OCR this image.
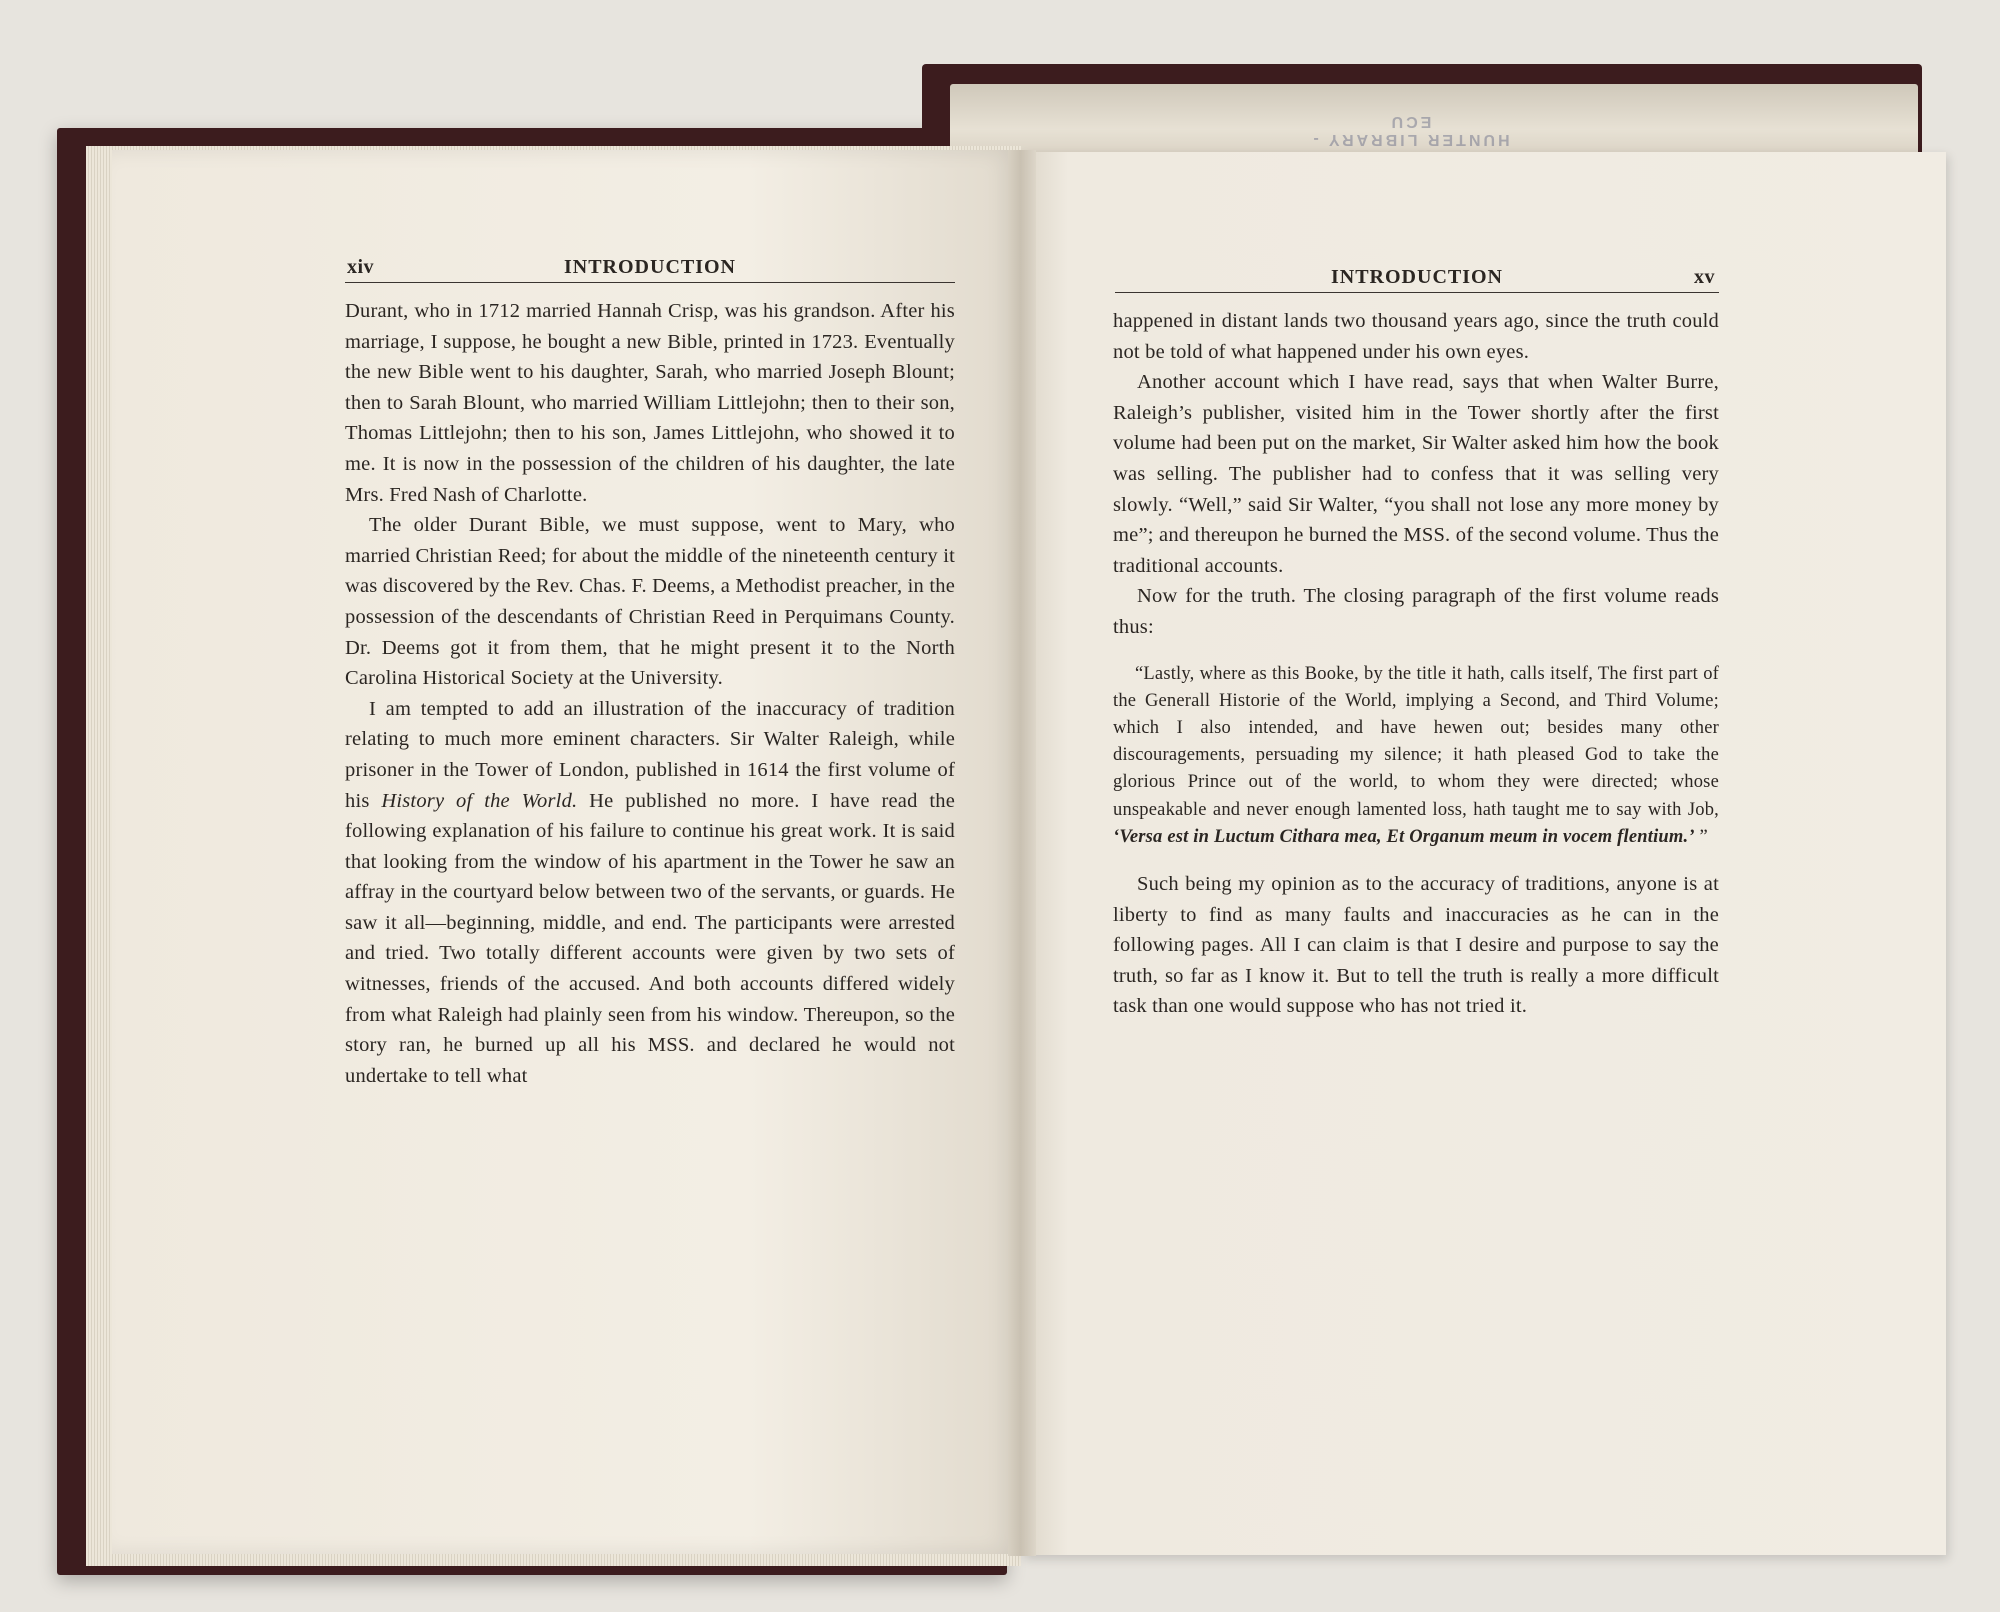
HUNTER LIBRARY - ECU
xiv	INTRODUCTION

Durant, who in 1712 married Hannah Crisp, was his grandson. After his marriage, I suppose, he bought a new Bible, printed in 1723. Eventually the new Bible went to his daughter, Sarah, who married Joseph Blount; then to Sarah Blount, who married William Littlejohn; then to their son, Thomas Littlejohn; then to his son, James Littlejohn, who showed it to me. It is now in the possession of the children of his daughter, the late Mrs. Fred Nash of Charlotte.

The older Durant Bible, we must suppose, went to Mary, who married Christian Reed; for about the middle of the nineteenth century it was discovered by the Rev. Chas. F. Deems, a Methodist preacher, in the possession of the descendants of Christian Reed in Perquimans County. Dr. Deems got it from them, that he might present it to the North Carolina Historical Society at the University.

I am tempted to add an illustration of the inaccuracy of tradition relating to much more eminent characters. Sir Walter Raleigh, while prisoner in the Tower of London, published in 1614 the first volume of his History of the World. He published no more. I have read the following explanation of his failure to continue his great work. It is said that looking from the window of his apartment in the Tower he saw an affray in the courtyard below between two of the servants, or guards. He saw it all—beginning, middle, and end. The participants were arrested and tried. Two totally different accounts were given by two sets of witnesses, friends of the accused. And both accounts differed widely from what Raleigh had plainly seen from his window. Thereupon, so the story ran, he burned up all his MSS. and declared he would not undertake to tell what

INTRODUCTION	xv

happened in distant lands two thousand years ago, since the truth could not be told of what happened under his own eyes.

Another account which I have read, says that when Walter Burre, Raleigh’s publisher, visited him in the Tower shortly after the first volume had been put on the market, Sir Walter asked him how the book was selling. The publisher had to confess that it was selling very slowly. “Well,” said Sir Walter, “you shall not lose any more money by me”; and thereupon he burned the MSS. of the second volume. Thus the traditional accounts.

Now for the truth. The closing paragraph of the first volume reads thus:

“Lastly, where as this Booke, by the title it hath, calls itself, The first part of the Generall Historie of the World, implying a Second, and Third Volume; which I also intended, and have hewen out; besides many other discouragements, persuading my silence; it hath pleased God to take the glorious Prince out of the world, to whom they were directed; whose unspeakable and never enough lamented loss, hath taught me to say with Job, ‘Versa est in Luctum Cithara mea, Et Organum meum in vocem flentium.’ ”

Such being my opinion as to the accuracy of traditions, anyone is at liberty to find as many faults and inaccuracies as he can in the following pages. All I can claim is that I desire and purpose to say the truth, so far as I know it. But to tell the truth is really a more difficult task than one would suppose who has not tried it.
